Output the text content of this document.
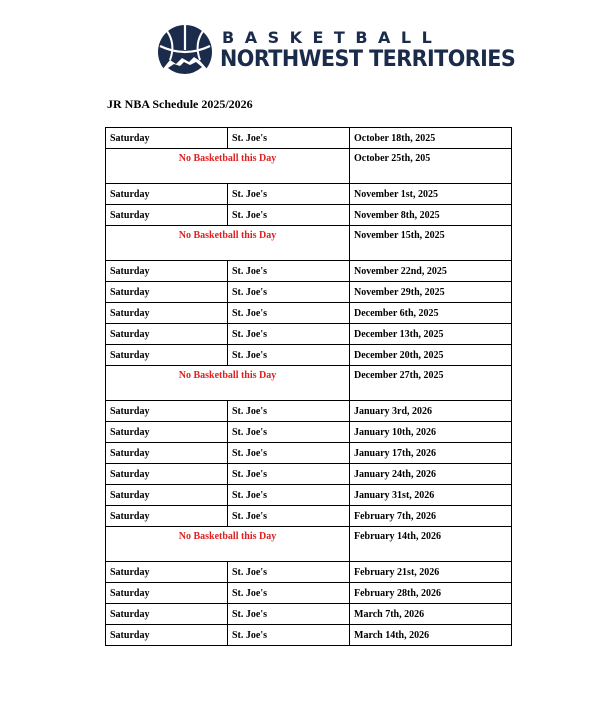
BASKETBALL
NORTHWEST TERRITORIES
JR NBA Schedule 2025/2026
Saturday	St. Joe's	October 18th, 2025
No Basketball this Day		October 25th, 205
Saturday	St. Joe's	November 1st, 2025
Saturday	St. Joe's	November 8th, 2025
No Basketball this Day		November 15th, 2025
Saturday	St. Joe's	November 22nd, 2025
Saturday	St. Joe's	November 29th, 2025
Saturday	St. Joe's	December 6th, 2025
Saturday	St. Joe's	December 13th, 2025
Saturday	St. Joe's	December 20th, 2025
No Basketball this Day		December 27th, 2025
Saturday	St. Joe's	January 3rd, 2026
Saturday	St. Joe's	January 10th, 2026
Saturday	St. Joe's	January 17th, 2026
Saturday	St. Joe's	January 24th, 2026
Saturday	St. Joe's	January 31st, 2026
Saturday	St. Joe's	February 7th, 2026
No Basketball this Day		February 14th, 2026
Saturday	St. Joe's	February 21st, 2026
Saturday	St. Joe's	February 28th, 2026
Saturday	St. Joe's	March 7th, 2026
Saturday	St. Joe's	March 14th, 2026
